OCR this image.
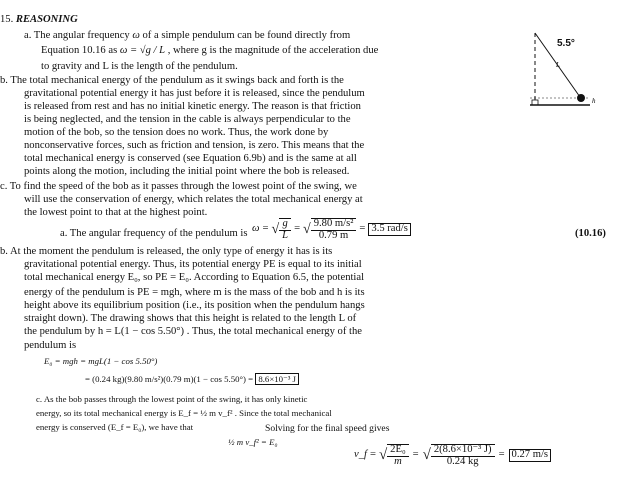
15. REASONING
a. The angular frequency ω of a simple pendulum can be found directly from
Equation 10.16 as ω = √g / L , where g is the magnitude of the acceleration due
to gravity and L is the length of the pendulum.
b. The total mechanical energy of the pendulum as it swings back and forth is the
gravitational potential energy it has just before it is released, since the pendulum
is released from rest and has no initial kinetic energy. The reason is that friction
is being neglected, and the tension in the cable is always perpendicular to the
motion of the bob, so the tension does no work. Thus, the work done by
nonconservative forces, such as friction and tension, is zero. This means that the
total mechanical energy is conserved (see Equation 6.9b) and is the same at all
points along the motion, including the initial point where the bob is released.
c. To find the speed of the bob as it passes through the lowest point of the swing, we
will use the conservation of energy, which relates the total mechanical energy at
the lowest point to that at the highest point.
a. The angular frequency of the pendulum is ω = √ $\frac{g}{L}$ = √ $\frac{\text{9.80 m/s²}}{0.79 m} = 3.5$ rad/s	(10.16)
b. At the moment the pendulum is released, the only type of energy it has is its
gravitational potential energy. Thus, its potential energy PE is equal to its initial
total mechanical energy E₀, so PE = E₀. According to Equation 6.5, the potential
energy of the pendulum is PE = mgh, where m is the mass of the bob and h is its
height above its equilibrium position (i.e., its position when the pendulum hangs
straight down). The drawing shows that this height is related to the length L of
the pendulum by h = L(1 − cos 5.50°) . Thus, the total mechanical energy of the
pendulum is
E₀ = mgh = mgL(1 − cos 5.50°)
= (0.24 kg)(9.80 m/s²)(0.79 m)(1 − cos 5.50°) = 8.6×10⁻³ J
c. As the bob passes through the lowest point of the swing, it has only kinetic
energy, so its total mechanical energy is E_f = ½ m v_f² . Since the total mechanical
energy is conserved (E_f = E₀), we have that	Solving for the final speed gives
½ m v_f² = E₀
v_f = √ $\frac{\text{2E₀}}{m}$ = √ $\frac{\text{2(8.6×10⁻³ J)}}{0.24 kg} = 0.27$ m/s
L
h
5.5°
